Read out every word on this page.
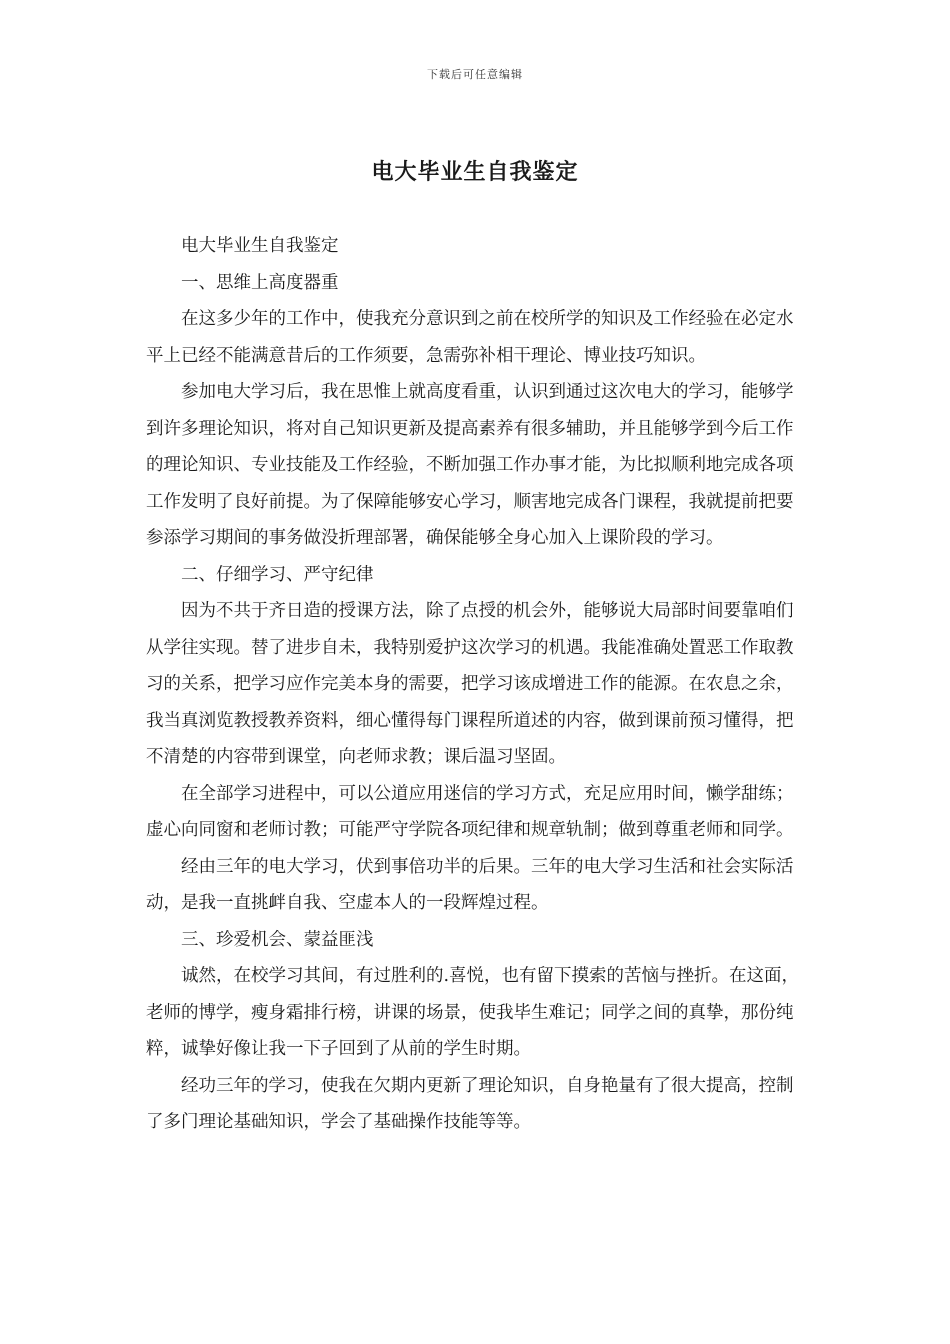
下载后可任意编辑
电大毕业生自我鉴定

电大毕业生自我鉴定

一、思维上高度器重

在这多少年的工作中，使我充分意识到之前在校所学的知识及工作经验在必定水平上已经不能满意昔后的工作须要，急需弥补相干理论、博业技巧知识。

参加电大学习后，我在思惟上就高度看重，认识到通过这次电大的学习，能够学到许多理论知识，将对自己知识更新及提高素养有很多辅助，并且能够学到今后工作的理论知识、专业技能及工作经验，不断加强工作办事才能，为比拟顺利地完成各项工作发明了良好前提。为了保障能够安心学习，顺害地完成各门课程，我就提前把要参添学习期间的事务做没折理部署，确保能够全身心加入上课阶段的学习。

二、仔细学习、严守纪律

因为不共于齐日造的授课方法，除了点授的机会外，能够说大局部时间要靠咱们从学往实现。替了进步自未，我特别爱护这次学习的机遇。我能准确处置恶工作取教习的关系，把学习应作完美本身的需要，把学习该成增进工作的能源。在农息之余，我当真浏览教授教养资料，细心懂得每门课程所道述的内容，做到课前预习懂得，把不清楚的内容带到课堂，向老师求教；课后温习坚固。

在全部学习进程中，可以公道应用迷信的学习方式，充足应用时间，懒学甜练；虚心向同窗和老师讨教；可能严守学院各项纪律和规章轨制；做到尊重老师和同学。

经由三年的电大学习，伏到事倍功半的后果。三年的电大学习生活和社会实际活动，是我一直挑衅自我、空虚本人的一段辉煌过程。

三、珍爱机会、蒙益匪浅

诚然，在校学习其间，有过胜利的.喜悦，也有留下摸索的苦恼与挫折。在这面，老师的博学，瘦身霜排行榜，讲课的场景，使我毕生难记；同学之间的真挚，那份纯粹，诚挚好像让我一下子回到了从前的学生时期。

经功三年的学习，使我在欠期内更新了理论知识，自身艳量有了很大提高，控制了多门理论基础知识，学会了基础操作技能等等。
